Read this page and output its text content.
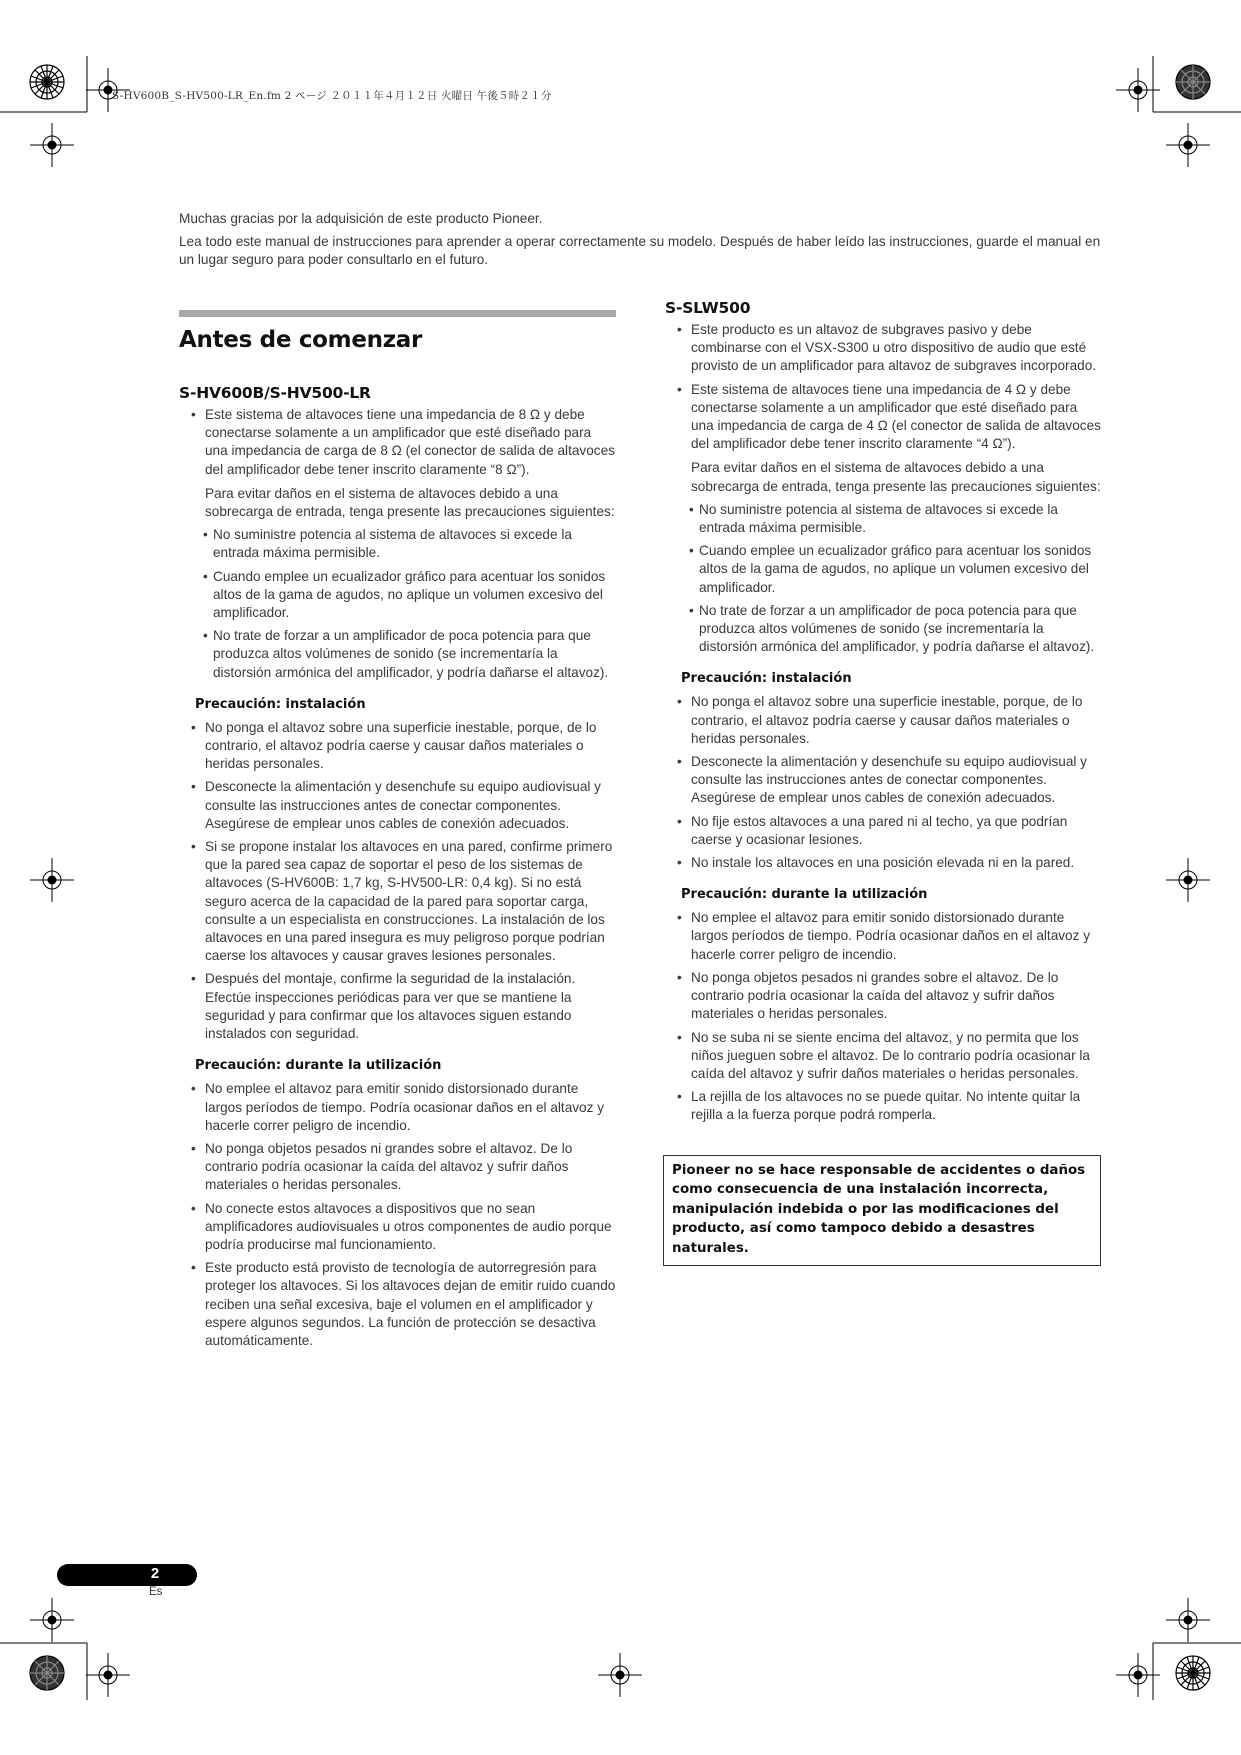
S-HV600B_S-HV500-LR_En.fm 2 ページ ２０１１年４月１２日 火曜日 午後５時２１分

Muchas gracias por la adquisición de este producto Pioneer.

Lea todo este manual de instrucciones para aprender a operar correctamente su modelo. Después de haber leído las instrucciones, guarde el manual en un lugar seguro para poder consultarlo en el futuro.

Antes de comenzar
S-HV600B/S-HV500-LR
• Este sistema de altavoces tiene una impedancia de 8 Ω y debe conectarse solamente a un amplificador que esté diseñado para una impedancia de carga de 8 Ω (el conector de salida de altavoces del amplificador debe tener inscrito claramente “8 Ω”).

Para evitar daños en el sistema de altavoces debido a una sobrecarga de entrada, tenga presente las precauciones siguientes:

• No suministre potencia al sistema de altavoces si excede la entrada máxima permisible.
• Cuando emplee un ecualizador gráfico para acentuar los sonidos altos de la gama de agudos, no aplique un volumen excesivo del amplificador.
• No trate de forzar a un amplificador de poca potencia para que produzca altos volúmenes de sonido (se incrementaría la distorsión armónica del amplificador, y podría dañarse el altavoz).
Precaución: instalación
• No ponga el altavoz sobre una superficie inestable, porque, de lo contrario, el altavoz podría caerse y causar daños materiales o heridas personales.
• Desconecte la alimentación y desenchufe su equipo audiovisual y consulte las instrucciones antes de conectar componentes. Asegúrese de emplear unos cables de conexión adecuados.
• Si se propone instalar los altavoces en una pared, confirme primero que la pared sea capaz de soportar el peso de los sistemas de altavoces (S-HV600B: 1,7 kg, S-HV500-LR: 0,4 kg). Si no está seguro acerca de la capacidad de la pared para soportar carga, consulte a un especialista en construcciones. La instalación de los altavoces en una pared insegura es muy peligroso porque podrían caerse los altavoces y causar graves lesiones personales.
• Después del montaje, confirme la seguridad de la instalación. Efectúe inspecciones periódicas para ver que se mantiene la seguridad y para confirmar que los altavoces siguen estando instalados con seguridad.
Precaución: durante la utilización
• No emplee el altavoz para emitir sonido distorsionado durante largos períodos de tiempo. Podría ocasionar daños en el altavoz y hacerle correr peligro de incendio.
• No ponga objetos pesados ni grandes sobre el altavoz. De lo contrario podría ocasionar la caída del altavoz y sufrir daños materiales o heridas personales.
• No conecte estos altavoces a dispositivos que no sean amplificadores audiovisuales u otros componentes de audio porque podría producirse mal funcionamiento.
• Este producto está provisto de tecnología de autorregresión para proteger los altavoces. Si los altavoces dejan de emitir ruido cuando reciben una señal excesiva, baje el volumen en el amplificador y espere algunos segundos. La función de protección se desactiva automáticamente.
S-SLW500
• Este producto es un altavoz de subgraves pasivo y debe combinarse con el VSX-S300 u otro dispositivo de audio que esté provisto de un amplificador para altavoz de subgraves incorporado.
• Este sistema de altavoces tiene una impedancia de 4 Ω y debe conectarse solamente a un amplificador que esté diseñado para una impedancia de carga de 4 Ω (el conector de salida de altavoces del amplificador debe tener inscrito claramente “4 Ω”).

Para evitar daños en el sistema de altavoces debido a una sobrecarga de entrada, tenga presente las precauciones siguientes:

• No suministre potencia al sistema de altavoces si excede la entrada máxima permisible.
• Cuando emplee un ecualizador gráfico para acentuar los sonidos altos de la gama de agudos, no aplique un volumen excesivo del amplificador.
• No trate de forzar a un amplificador de poca potencia para que produzca altos volúmenes de sonido (se incrementaría la distorsión armónica del amplificador, y podría dañarse el altavoz).
Precaución: instalación
• No ponga el altavoz sobre una superficie inestable, porque, de lo contrario, el altavoz podría caerse y causar daños materiales o heridas personales.
• Desconecte la alimentación y desenchufe su equipo audiovisual y consulte las instrucciones antes de conectar componentes. Asegúrese de emplear unos cables de conexión adecuados.
• No fije estos altavoces a una pared ni al techo, ya que podrían caerse y ocasionar lesiones.
• No instale los altavoces en una posición elevada ni en la pared.
Precaución: durante la utilización
• No emplee el altavoz para emitir sonido distorsionado durante largos períodos de tiempo. Podría ocasionar daños en el altavoz y hacerle correr peligro de incendio.
• No ponga objetos pesados ni grandes sobre el altavoz. De lo contrario podría ocasionar la caída del altavoz y sufrir daños materiales o heridas personales.
• No se suba ni se siente encima del altavoz, y no permita que los niños jueguen sobre el altavoz. De lo contrario podría ocasionar la caída del altavoz y sufrir daños materiales o heridas personales.
• La rejilla de los altavoces no se puede quitar. No intente quitar la rejilla a la fuerza porque podrá romperla.
Pioneer no se hace responsable de accidentes o daños como consecuencia de una instalación incorrecta, manipulación indebida o por las modificaciones del producto, así como tampoco debido a desastres naturales.
2
Es
